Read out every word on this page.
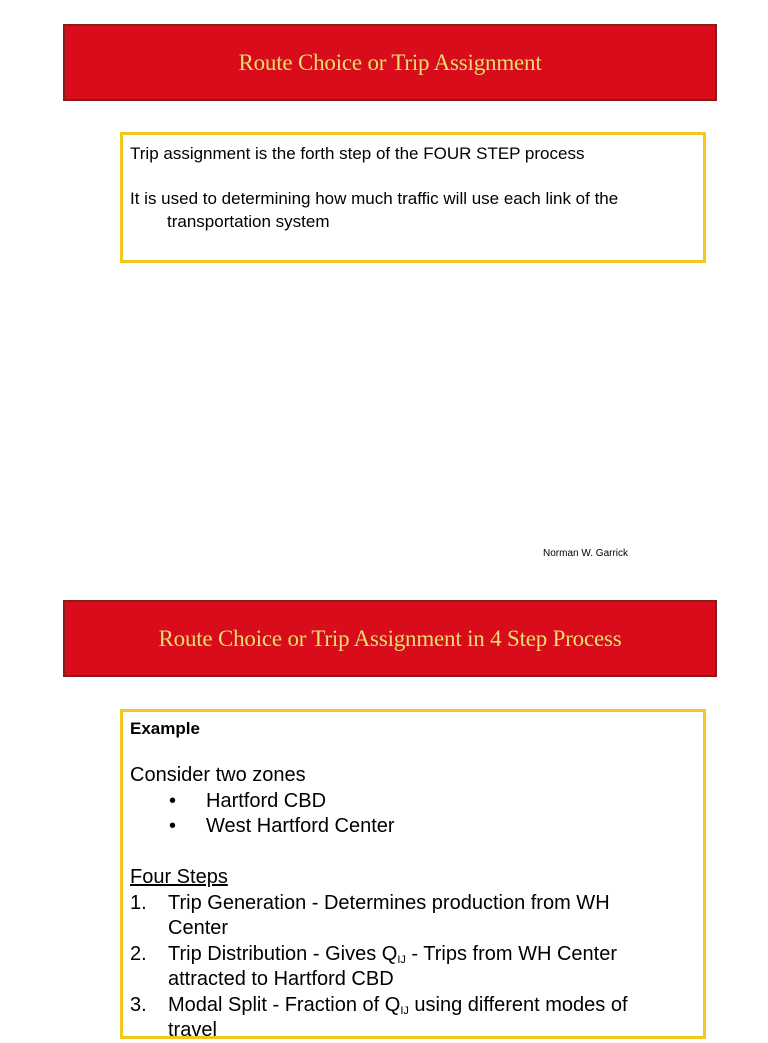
Route Choice or Trip Assignment
Trip assignment is the forth step of the FOUR STEP process
It is used to determining how much traffic will use each link of the
transportation system
Norman W. Garrick
Route Choice or Trip Assignment in 4 Step Process
Example
Consider two zones
• Hartford CBD
• West Hartford Center
Four Steps
1. Trip Generation - Determines production from WH
Center
2. Trip Distribution - Gives $Q_{IJ}$ - Trips from WH Center
attracted to Hartford CBD
3. Modal Split - Fraction of $Q_{IJ}$ using different modes of
travel
